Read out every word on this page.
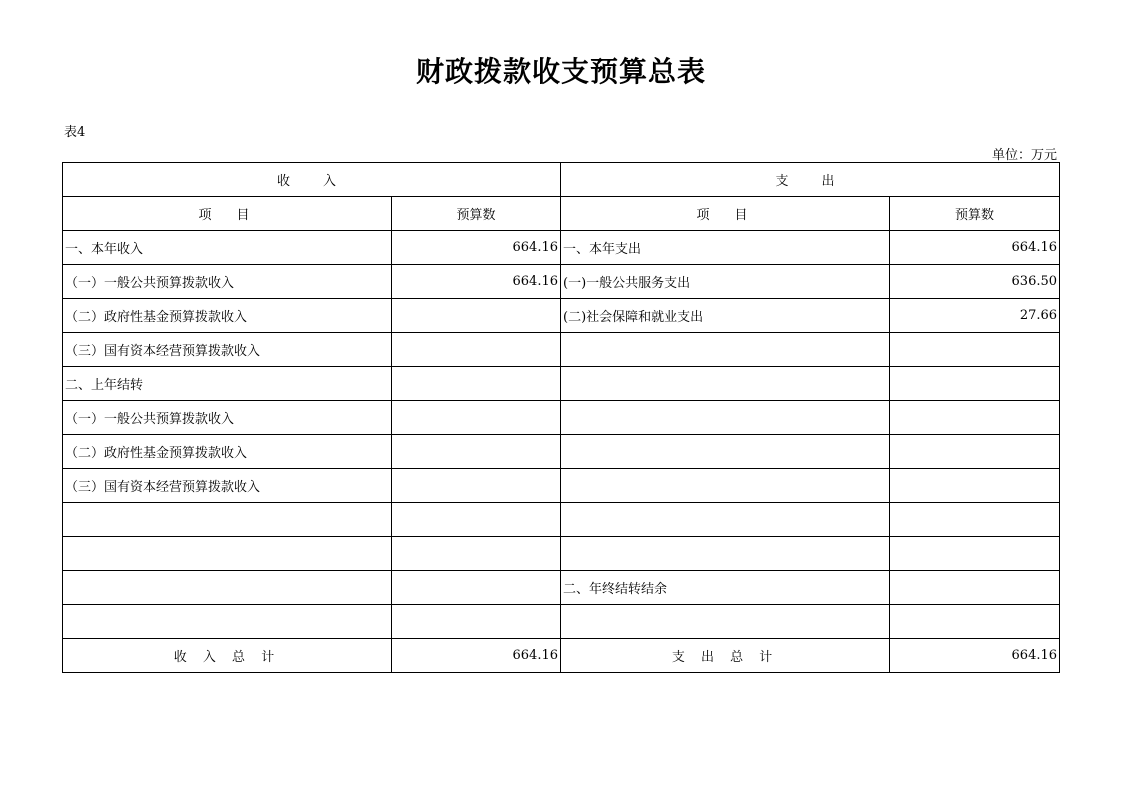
财政拨款收支预算总表
表4
单位：万元
收　入		支　出	
项　目	预算数	项　目	预算数
一、本年收入	664.16	一、本年支出	664.16
（一）一般公共预算拨款收入	664.16	(一)一般公共服务支出	636.50
（二）政府性基金预算拨款收入		(二)社会保障和就业支出	27.66
（三）国有资本经营预算拨款收入			
二、上年结转			
（一）一般公共预算拨款收入			
（二）政府性基金预算拨款收入			
（三）国有资本经营预算拨款收入			

		二、年终结转结余	

收 入 总 计	664.16	支 出 总 计	664.16
